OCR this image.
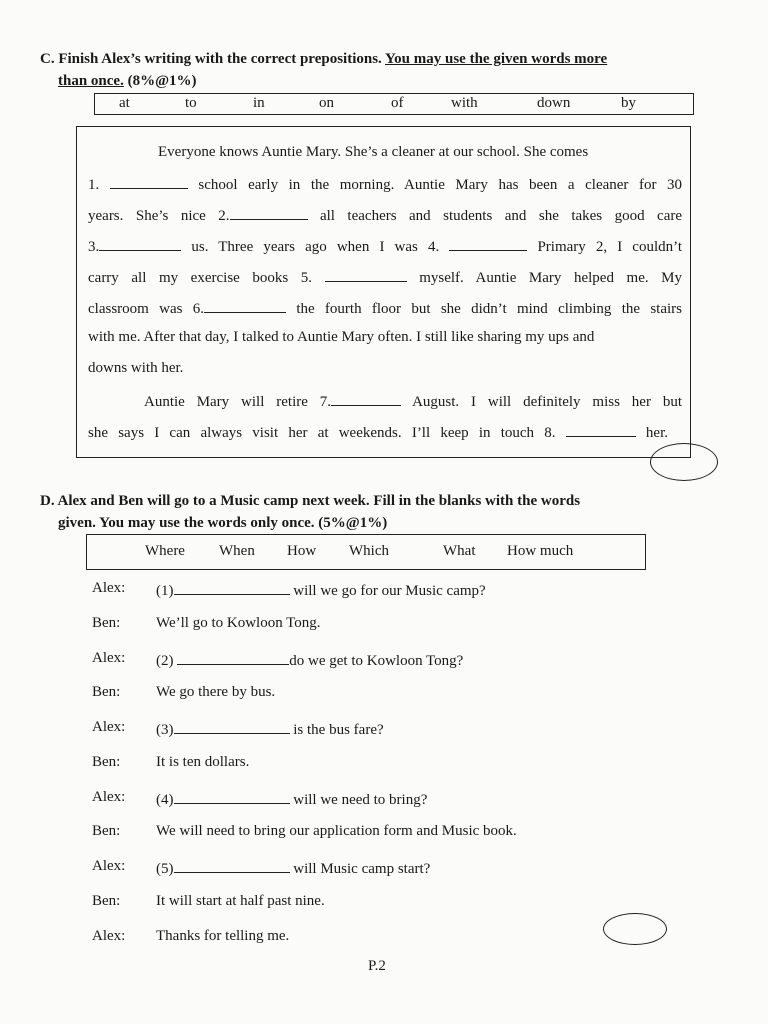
C. Finish Alex’s writing with the correct prepositions. You may use the given words more
than once. (8%@1%)
at	to	in	on	of	with	down	by
Everyone knows Auntie Mary. She’s a cleaner at our school. She comes
1.	school early in the morning. Auntie Mary has been a cleaner for 30
years. She’s nice 2.	all teachers and students and she takes good care
3.	us. Three years ago when I was 4.	Primary 2, I couldn’t
carry all my exercise books 5.	myself. Auntie Mary helped me. My
classroom was 6.	the fourth floor but she didn’t mind climbing the stairs
with me. After that day, I talked to Auntie Mary often. I still like sharing my ups and
downs with her.
Auntie Mary will retire 7.	August. I will definitely miss her but
she says I can always visit her at weekends. I’ll keep in touch 8.	her.
D. Alex and Ben will go to a Music camp next week. Fill in the blanks with the words
given. You may use the words only once. (5%@1%)
Where When How Which	What How much
Alex: (1)	will we go for our Music camp?
Ben: We’ll go to Kowloon Tong.
Alex: (2)	do we get to Kowloon Tong?
Ben: We go there by bus.
Alex: (3)	is the bus fare?
Ben: It is ten dollars.
Alex: (4)	will we need to bring?
Ben: We will need to bring our application form and Music book.
Alex: (5)	will Music camp start?
Ben: It will start at half past nine.
Alex: Thanks for telling me.
P.2
